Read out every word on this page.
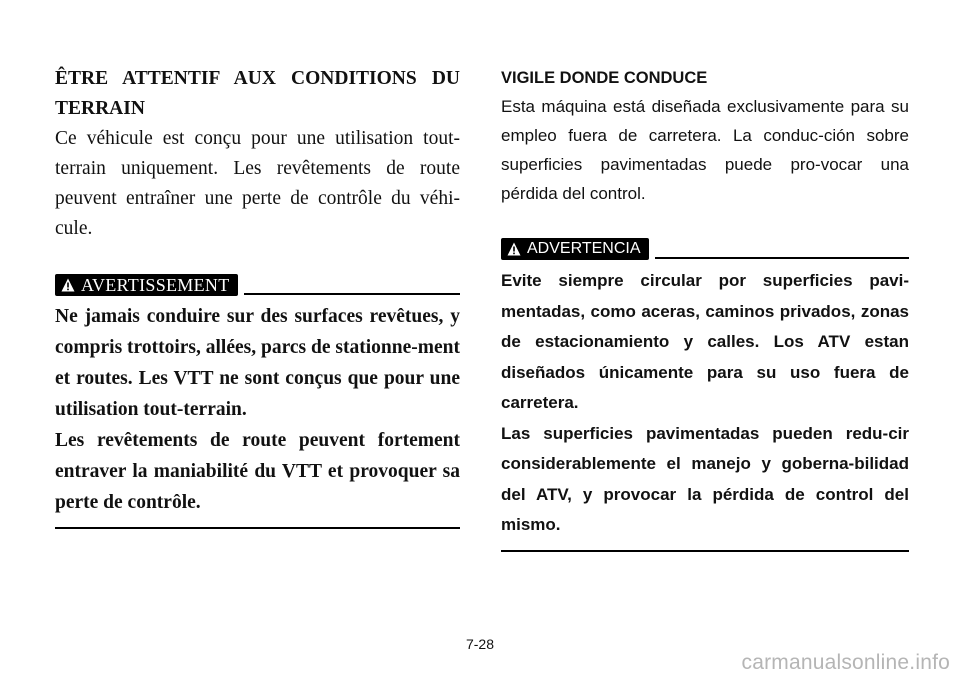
ÊTRE ATTENTIF AUX CONDITIONS DU TERRAIN
Ce véhicule est conçu pour une utilisation tout-terrain uniquement. Les revêtements de route peuvent entraîner une perte de contrôle du véhi-cule.
AVERTISSEMENT
Ne jamais conduire sur des surfaces revêtues, y compris trottoirs, allées, parcs de stationne-ment et routes. Les VTT ne sont conçus que pour une utilisation tout-terrain.
Les revêtements de route peuvent fortement entraver la maniabilité du VTT et provoquer sa perte de contrôle.
VIGILE DONDE CONDUCE
Esta máquina está diseñada exclusivamente para su empleo fuera de carretera. La conduc-ción sobre superficies pavimentadas puede pro-vocar una pérdida del control.
ADVERTENCIA
Evite siempre circular por superficies pavi-mentadas, como aceras, caminos privados, zonas de estacionamiento y calles. Los ATV estan diseñados únicamente para su uso fuera de carretera.
Las superficies pavimentadas pueden redu-cir considerablemente el manejo y goberna-bilidad del ATV, y provocar la pérdida de control del mismo.
7-28
carmanualsonline.info
